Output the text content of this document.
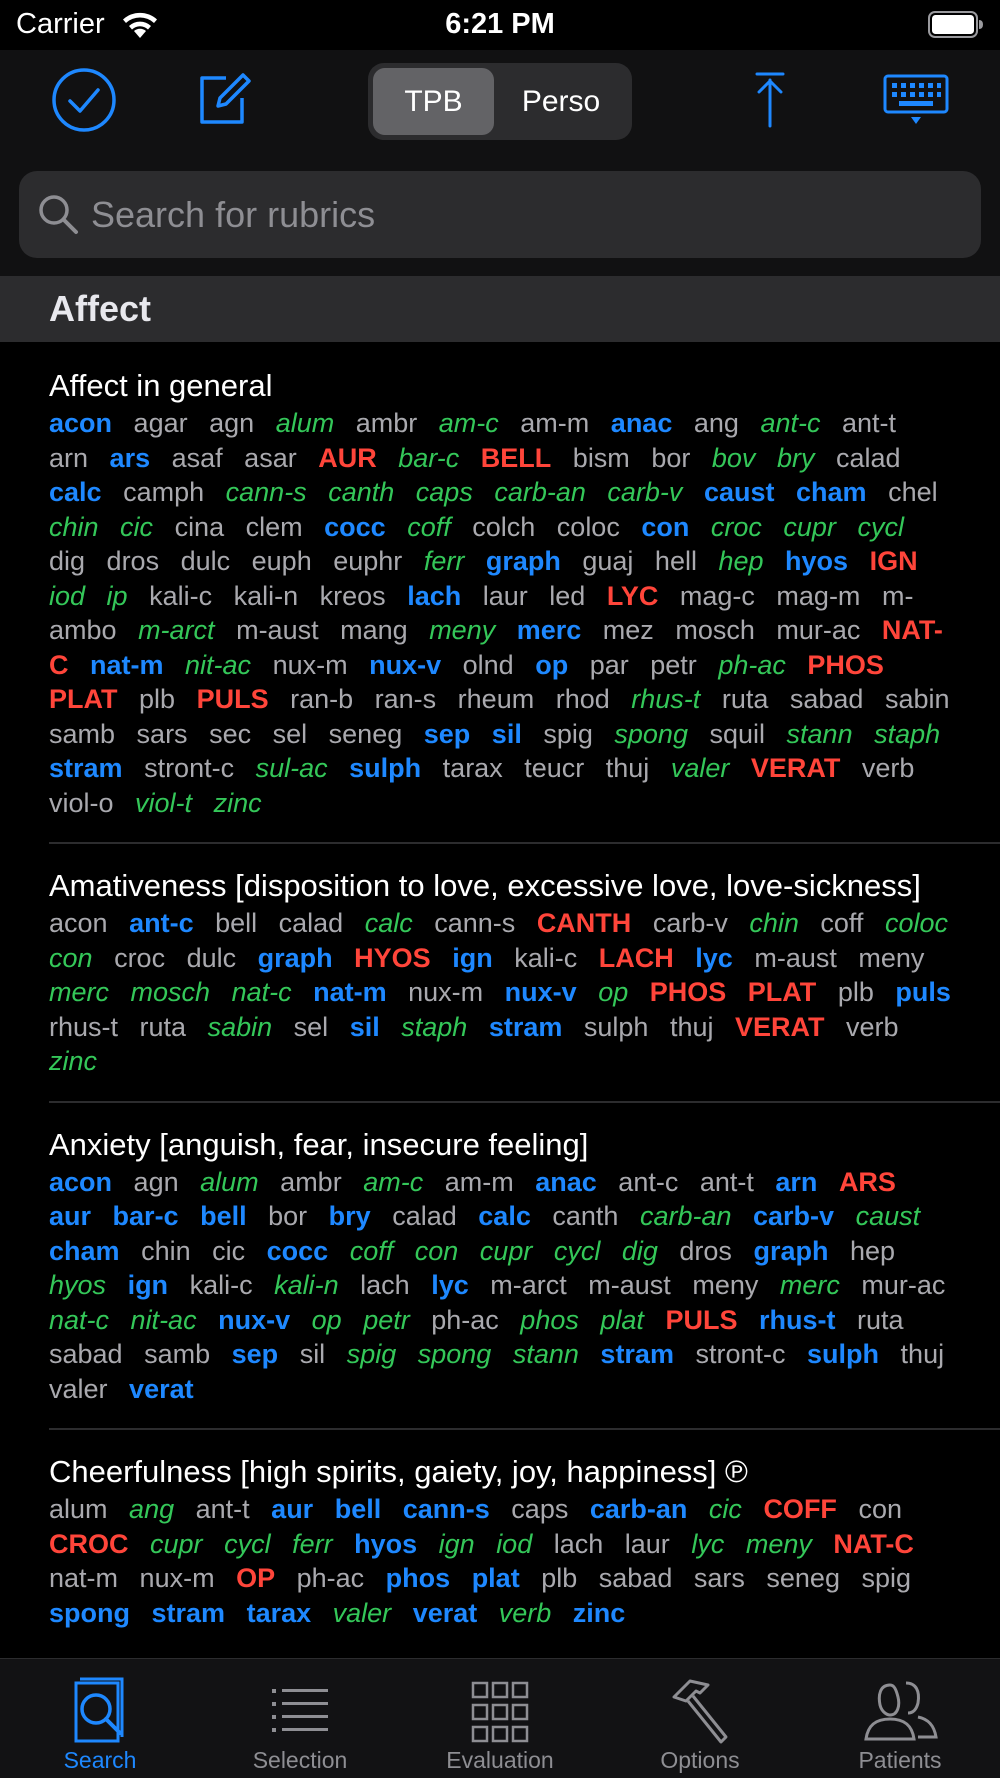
Carrier	6:21 PM
TPB	Perso
Search for rubrics
Affect
Affect in general
acon agar agn alum ambr am-c am-m anac ang ant-c ant-t arn ars asaf asar AUR bar-c BELL bism bor bov bry calad calc camph cann-s canth caps carb-an carb-v caust cham chel chin cic cina clem cocc coff colch coloc con croc cupr cycl dig dros dulc euph euphr ferr graph guaj hell hep hyos IGN iod ip kali-c kali-n kreos lach laur led LYC mag-c mag-m m-ambo m-arct m-aust mang meny merc mez mosch mur-ac NAT-C nat-m nit-ac nux-m nux-v olnd op par petr ph-ac PHOS PLAT plb PULS ran-b ran-s rheum rhod rhus-t ruta sabad sabin samb sars sec sel seneg sep sil spig spong squil stann staph stram stront-c sul-ac sulph tarax teucr thuj valer VERAT verb viol-o viol-t zinc
Amativeness [disposition to love, excessive love, love-sickness]
acon ant-c bell calad calc cann-s CANTH carb-v chin coff coloc con croc dulc graph HYOS ign kali-c LACH lyc m-aust meny merc mosch nat-c nat-m nux-m nux-v op PHOS PLAT plb puls rhus-t ruta sabin sel sil staph stram sulph thuj VERAT verb zinc
Anxiety [anguish, fear, insecure feeling]
acon agn alum ambr am-c am-m anac ant-c ant-t arn ARS aur bar-c bell bor bry calad calc canth carb-an carb-v caust cham chin cic cocc coff con cupr cycl dig dros graph hep hyos ign kali-c kali-n lach lyc m-arct m-aust meny merc mur-ac nat-c nit-ac nux-v op petr ph-ac phos plat PULS rhus-t ruta sabad samb sep sil spig spong stann stram stront-c sulph thuj valer verat
Cheerfulness [high spirits, gaiety, joy, happiness] ℗
alum ang ant-t aur bell cann-s caps carb-an cic COFF con CROC cupr cycl ferr hyos ign iod lach laur lyc meny NAT-C nat-m nux-m OP ph-ac phos plat plb sabad sars seneg spig spong stram tarax valer verat verb zinc
Search	Selection	Evaluation	Options	Patients
